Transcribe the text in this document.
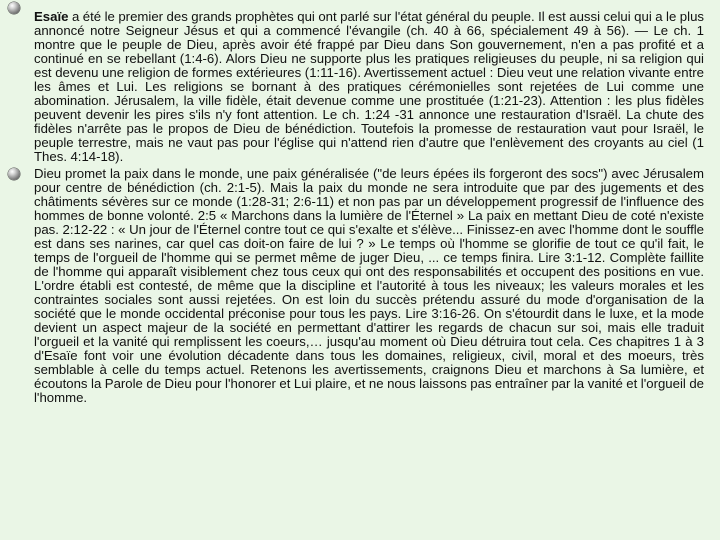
Esaïe a été le premier des grands prophètes qui ont parlé sur l'état général du peuple. Il est aussi celui qui a le plus annoncé notre Seigneur Jésus et qui a commencé l'évangile (ch. 40 à 66, spécialement 49 à 56). — Le ch. 1 montre que le peuple de Dieu, après avoir été frappé par Dieu dans Son gouvernement, n'en a pas profité et a continué en se rebellant (1:4-6). Alors Dieu ne supporte plus les pratiques religieuses du peuple, ni sa religion qui est devenu une religion de formes extérieures (1:11-16). Avertissement actuel : Dieu veut une relation vivante entre les âmes et Lui. Les religions se bornant à des pratiques cérémonielles sont rejetées de Lui comme une abomination. Jérusalem, la ville fidèle, était devenue comme une prostituée (1:21-23). Attention : les plus fidèles peuvent devenir les pires s'ils n'y font attention. Le ch. 1:24 -31 annonce une restauration d'Israël. La chute des fidèles n'arrête pas le propos de Dieu de bénédiction. Toutefois la promesse de restauration vaut pour Israël, le peuple terrestre, mais ne vaut pas pour l'église qui n'attend rien d'autre que l'enlèvement des croyants au ciel (1 Thes. 4:14-18).
Dieu promet la paix dans le monde, une paix généralisée ("de leurs épées ils forgeront des socs") avec Jérusalem pour centre de bénédiction (ch. 2:1-5). Mais la paix du monde ne sera introduite que par des jugements et des châtiments sévères sur ce monde (1:28-31; 2:6-11) et non pas par un développement progressif de l'influence des hommes de bonne volonté. 2:5 « Marchons dans la lumière de l'Éternel » La paix en mettant Dieu de coté n'existe pas. 2:12-22 : « Un jour de l'Éternel contre tout ce qui s'exalte et s'élève... Finissez-en avec l'homme dont le souffle est dans ses narines, car quel cas doit-on faire de lui ? » Le temps où l'homme se glorifie de tout ce qu'il fait, le temps de l'orgueil de l'homme qui se permet même de juger Dieu, ... ce temps finira. Lire 3:1-12. Complète faillite de l'homme qui apparaît visiblement chez tous ceux qui ont des responsabilités et occupent des positions en vue. L'ordre établi est contesté, de même que la discipline et l'autorité à tous les niveaux; les valeurs morales et les contraintes sociales sont aussi rejetées. On est loin du succès prétendu assuré du mode d'organisation de la société que le monde occidental préconise pour tous les pays. Lire 3:16-26. On s'étourdit dans le luxe, et la mode devient un aspect majeur de la société en permettant d'attirer les regards de chacun sur soi, mais elle traduit l'orgueil et la vanité qui remplissent les coeurs,… jusqu'au moment où Dieu détruira tout cela. Ces chapitres 1 à 3 d'Esaïe font voir une évolution décadente dans tous les domaines, religieux, civil, moral et des moeurs, très semblable à celle du temps actuel. Retenons les avertissements, craignons Dieu et marchons à Sa lumière, et écoutons la Parole de Dieu pour l'honorer et Lui plaire, et ne nous laissons pas entraîner par la vanité et l'orgueil de l'homme.
